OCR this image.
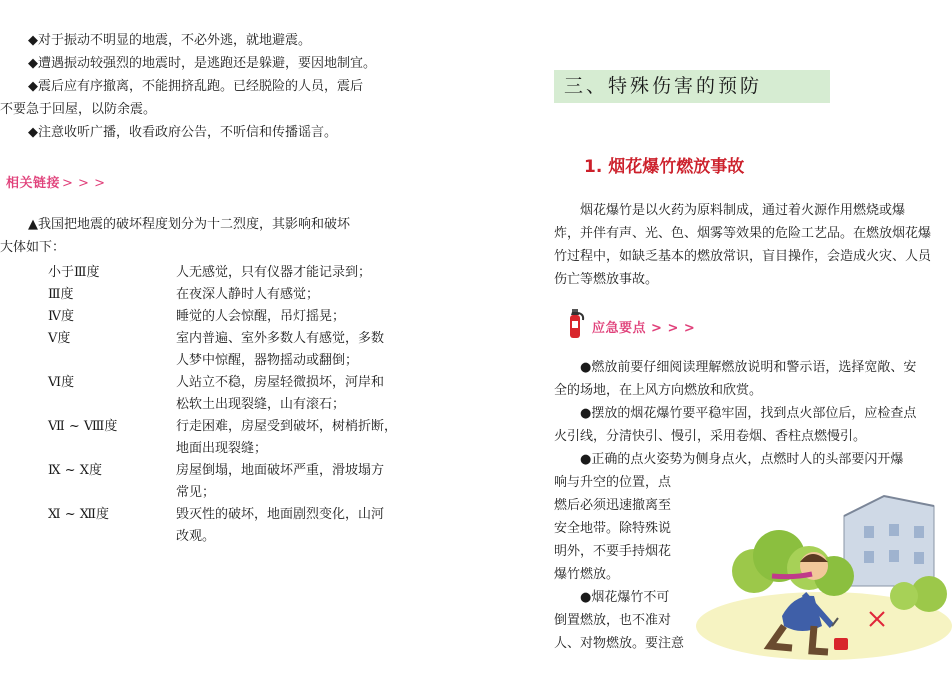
◆对于振动不明显的地震，不必外逃，就地避震。

◆遭遇振动较强烈的地震时，是逃跑还是躲避，要因地制宜。

◆震后应有序撤离，不能拥挤乱跑。已经脱险的人员，震后

不要急于回屋，以防余震。

◆注意收听广播，收看政府公告，不听信和传播谣言。

相关链接 > > >

▲我国把地震的破坏程度划分为十二烈度，其影响和破坏

大体如下：

小于Ⅲ度	人无感觉，只有仪器才能记录到；
Ⅲ度	在夜深人静时人有感觉；
Ⅳ度	睡觉的人会惊醒，吊灯摇晃；
Ⅴ度	室内普遍、室外多数人有感觉，多数
人梦中惊醒，器物摇动或翻倒；
Ⅵ度	人站立不稳，房屋轻微损坏，河岸和
松软土出现裂缝，山有滚石；
Ⅶ ~ Ⅷ度	行走困难，房屋受到破坏，树梢折断，
地面出现裂缝；
Ⅸ ~ Ⅹ度	房屋倒塌，地面破坏严重，滑坡塌方
常见；
Ⅺ ~ Ⅻ度	毁灭性的破坏，地面剧烈变化，山河
改观。
三、特殊伤害的预防
1. 烟花爆竹燃放事故

烟花爆竹是以火药为原料制成，通过着火源作用燃烧或爆

炸，并伴有声、光、色、烟雾等效果的危险工艺品。在燃放烟花爆

竹过程中，如缺乏基本的燃放常识，盲目操作，会造成火灾、人员

伤亡等燃放事故。

应急要点 > > >

●燃放前要仔细阅读理解燃放说明和警示语，选择宽敞、安

全的场地，在上风方向燃放和欣赏。

●摆放的烟花爆竹要平稳牢固，找到点火部位后，应检查点

火引线，分清快引、慢引，采用卷烟、香柱点燃慢引。

●正确的点火姿势为侧身点火，点燃时人的头部要闪开爆

响与升空的位置，点

燃后必须迅速撤离至

安全地带。除特殊说

明外，不要手持烟花

爆竹燃放。

●烟花爆竹不可

倒置燃放，也不准对

人、对物燃放。要注意
